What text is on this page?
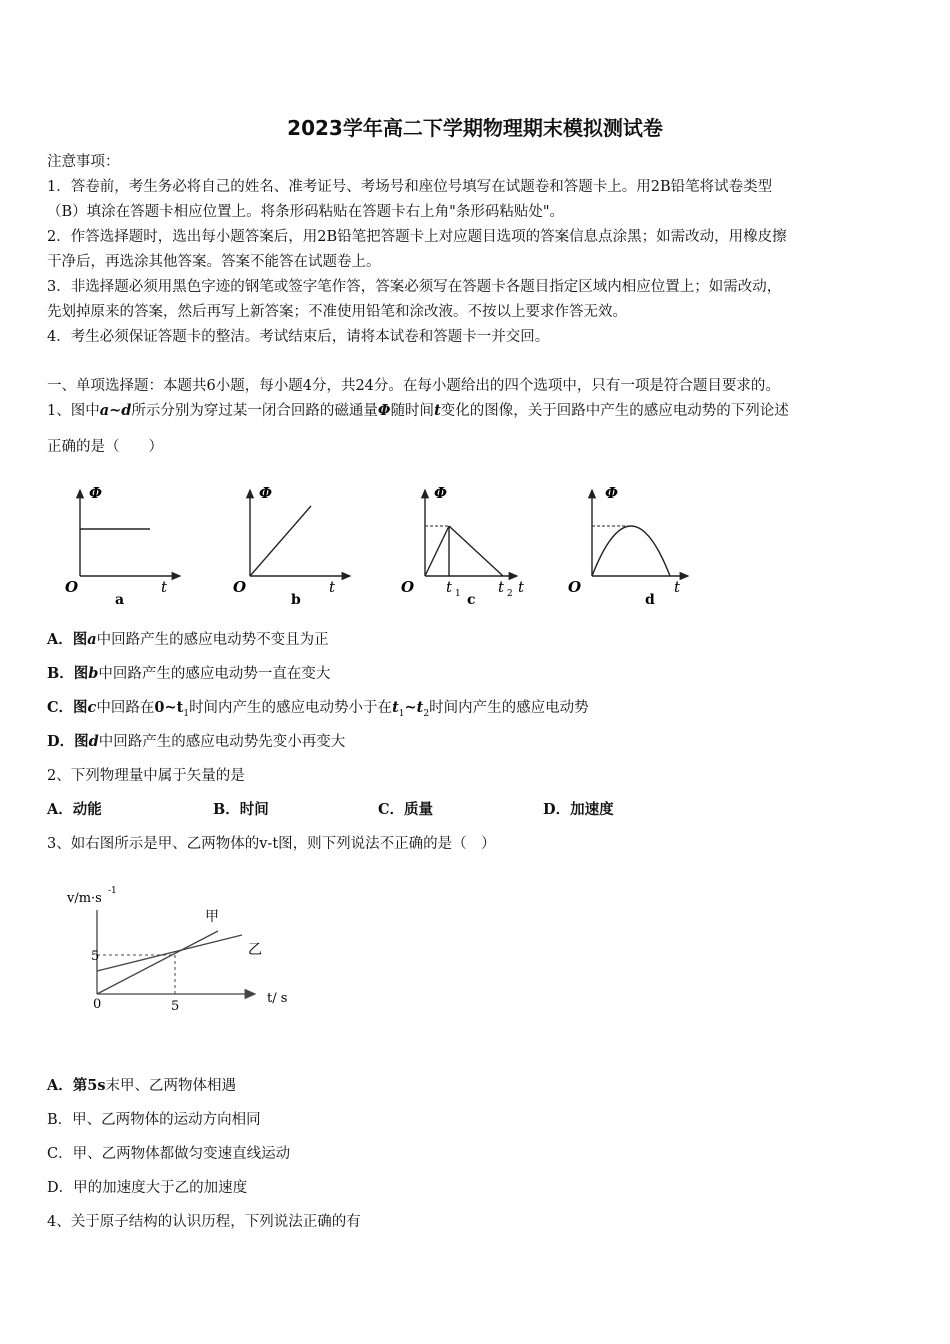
2023学年高二下学期物理期末模拟测试卷
注意事项：
1．答卷前，考生务必将自己的姓名、准考证号、考场号和座位号填写在试题卷和答题卡上。用2B铅笔将试卷类型
（B）填涂在答题卡相应位置上。将条形码粘贴在答题卡右上角"条形码粘贴处"。
2．作答选择题时，选出每小题答案后，用2B铅笔把答题卡上对应题目选项的答案信息点涂黑；如需改动，用橡皮擦
干净后，再选涂其他答案。答案不能答在试题卷上。
3．非选择题必须用黑色字迹的钢笔或签字笔作答，答案必须写在答题卡各题目指定区域内相应位置上；如需改动，
先划掉原来的答案，然后再写上新答案；不准使用铅笔和涂改液。不按以上要求作答无效。
4．考生必须保证答题卡的整洁。考试结束后，请将本试卷和答题卡一并交回。
一、单项选择题：本题共6小题，每小题4分，共24分。在每小题给出的四个选项中，只有一项是符合题目要求的。
1、图中a~d所示分别为穿过某一闭合回路的磁通量Φ随时间t变化的图像，关于回路中产生的感应电动势的下列论述
正确的是（　　）
Φ
O	t
a
Φ
O	t
b
Φ
O t 1 t 2 t
c
Φ
O	t
d
A．图a中回路产生的感应电动势不变且为正
B．图b中回路产生的感应电动势一直在变大
C．图c中回路在$0\sim t_1$时间内产生的感应电动势小于在$t_1\sim t_2$时间内产生的感应电动势
D．图d中回路产生的感应电动势先变小再变大
2、下列物理量中属于矢量的是
A．动能	B．时间	C．质量	D．加速度
3、如右图所示是甲、乙两物体的v-t图，则下列说法不正确的是（　）
v/m·s -1
甲
乙
5
0	5
t/ s
A．第5s末甲、乙两物体相遇
B．甲、乙两物体的运动方向相同
C．甲、乙两物体都做匀变速直线运动
D．甲的加速度大于乙的加速度
4、关于原子结构的认识历程，下列说法正确的有
